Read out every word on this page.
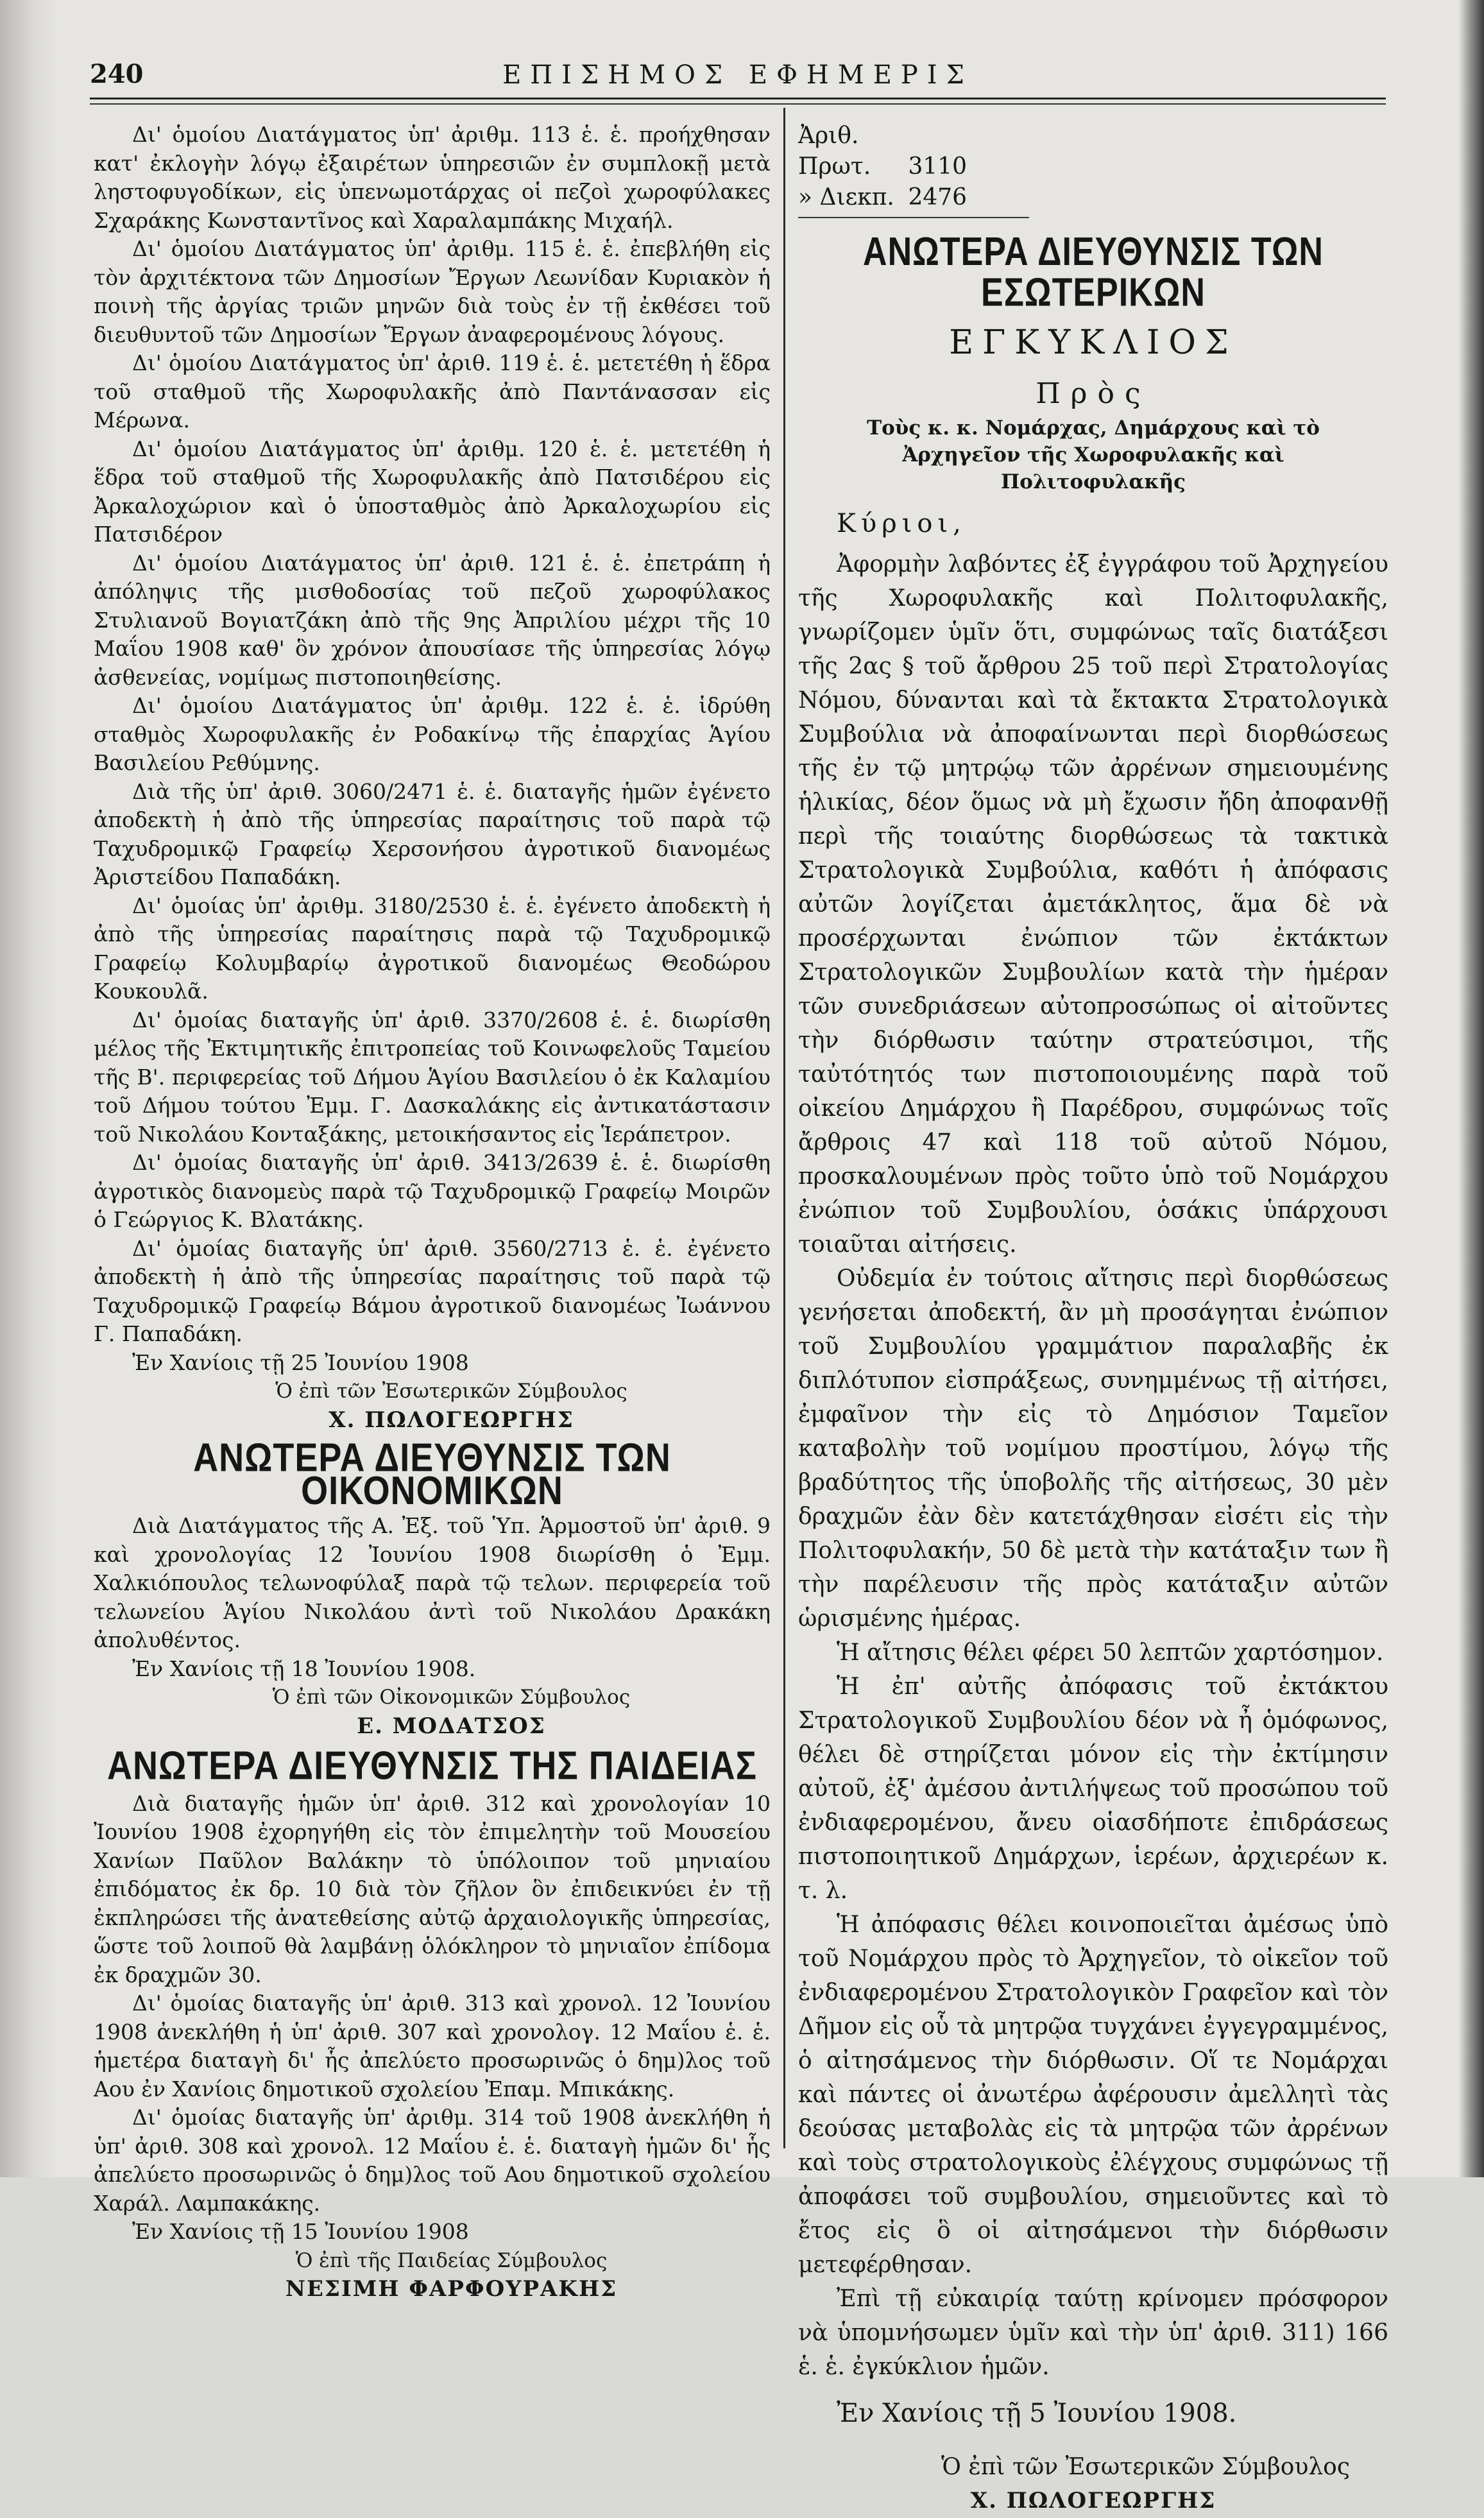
240	ΕΠΙΣΗΜΟΣ ΕΦΗΜΕΡΙΣ

Δι' ὁμοίου Διατάγματος ὑπ' ἀριθμ. 113 ἑ. ἑ. προήχθησαν κατ' ἐκλογὴν λόγῳ ἐξαιρέτων ὑπηρεσιῶν ἐν συμπλοκῇ μετὰ ληστοφυγοδίκων, εἰς ὑπενωμοτάρχας οἱ πεζοὶ χωροφύλακες Σχαράκης Κωνσταντῖνος καὶ Χαραλαμπάκης Μιχαήλ.

Δι' ὁμοίου Διατάγματος ὑπ' ἀριθμ. 115 ἑ. ἑ. ἐπεβλήθη εἰς τὸν ἀρχιτέκτονα τῶν Δημοσίων Ἔργων Λεωνίδαν Κυριακὸν ἡ ποινὴ τῆς ἀργίας τριῶν μηνῶν διὰ τοὺς ἐν τῇ ἐκθέσει τοῦ διευθυντοῦ τῶν Δημοσίων Ἔργων ἀναφερομένους λόγους.

Δι' ὁμοίου Διατάγματος ὑπ' ἀριθ. 119 ἑ. ἑ. μετετέθη ἡ ἕδρα τοῦ σταθμοῦ τῆς Χωροφυλακῆς ἀπὸ Παντάνασσαν εἰς Μέρωνα.

Δι' ὁμοίου Διατάγματος ὑπ' ἀριθμ. 120 ἑ. ἑ. μετετέθη ἡ ἕδρα τοῦ σταθμοῦ τῆς Χωροφυλακῆς ἀπὸ Πατσιδέρου εἰς Ἀρκαλοχώριον καὶ ὁ ὑποσταθμὸς ἀπὸ Ἀρκαλοχωρίου εἰς Πατσιδέρον

Δι' ὁμοίου Διατάγματος ὑπ' ἀριθ. 121 ἑ. ἑ. ἐπετράπη ἡ ἀπόληψις τῆς μισθοδοσίας τοῦ πεζοῦ χωροφύλακος Στυλιανοῦ Βογιατζάκη ἀπὸ τῆς 9ης Ἀπριλίου μέχρι τῆς 10 Μαΐου 1908 καθ' ὃν χρόνον ἀπουσίασε τῆς ὑπηρεσίας λόγῳ ἀσθενείας, νομίμως πιστοποιηθείσης.

Δι' ὁμοίου Διατάγματος ὑπ' ἀριθμ. 122 ἑ. ἑ. ἱδρύθη σταθμὸς Χωροφυλακῆς ἐν Ροδακίνῳ τῆς ἐπαρχίας Ἁγίου Βασιλείου Ρεθύμνης.

Διὰ τῆς ὑπ' ἀριθ. 3060/2471 ἑ. ἑ. διαταγῆς ἡμῶν ἐγένετο ἀποδεκτὴ ἡ ἀπὸ τῆς ὑπηρεσίας παραίτησις τοῦ παρὰ τῷ Ταχυδρομικῷ Γραφείῳ Χερσονήσου ἀγροτικοῦ διανομέως Ἀριστείδου Παπαδάκη.

Δι' ὁμοίας ὑπ' ἀριθμ. 3180/2530 ἑ. ἑ. ἐγένετο ἀποδεκτὴ ἡ ἀπὸ τῆς ὑπηρεσίας παραίτησις παρὰ τῷ Ταχυδρομικῷ Γραφείῳ Κολυμβαρίῳ ἀγροτικοῦ διανομέως Θεοδώρου Κουκουλᾶ.

Δι' ὁμοίας διαταγῆς ὑπ' ἀριθ. 3370/2608 ἑ. ἑ. διωρίσθη μέλος τῆς Ἐκτιμητικῆς ἐπιτροπείας τοῦ Κοινωφελοῦς Ταμείου τῆς Β'. περιφερείας τοῦ Δήμου Ἁγίου Βασιλείου ὁ ἐκ Καλαμίου τοῦ Δήμου τούτου Ἐμμ. Γ. Δασκαλάκης εἰς ἀντικατάστασιν τοῦ Νικολάου Κονταξάκης, μετοικήσαντος εἰς Ἱεράπετρον.

Δι' ὁμοίας διαταγῆς ὑπ' ἀριθ. 3413/2639 ἑ. ἑ. διωρίσθη ἀγροτικὸς διανομεὺς παρὰ τῷ Ταχυδρομικῷ Γραφείῳ Μοιρῶν ὁ Γεώργιος Κ. Βλατάκης.

Δι' ὁμοίας διαταγῆς ὑπ' ἀριθ. 3560/2713 ἑ. ἑ. ἐγένετο ἀποδεκτὴ ἡ ἀπὸ τῆς ὑπηρεσίας παραίτησις τοῦ παρὰ τῷ Ταχυδρομικῷ Γραφείῳ Βάμου ἀγροτικοῦ διανομέως Ἰωάννου Γ. Παπαδάκη.

Ἐν Χανίοις τῇ 25 Ἰουνίου 1908

Ὁ ἐπὶ τῶν Ἐσωτερικῶν Σύμβουλος

Χ. ΠΩΛΟΓΕΩΡΓΗΣ

ΑΝΩΤΕΡΑ ΔΙΕΥΘΥΝΣΙΣ ΤΩΝ ΟΙΚΟΝΟΜΙΚΩΝ

Διὰ Διατάγματος τῆς Α. Ἐξ. τοῦ Ὑπ. Ἁρμοστοῦ ὑπ' ἀριθ. 9 καὶ χρονολογίας 12 Ἰουνίου 1908 διωρίσθη ὁ Ἐμμ. Χαλκιόπουλος τελωνοφύλαξ παρὰ τῷ τελων. περιφερεία τοῦ τελωνείου Ἁγίου Νικολάου ἀντὶ τοῦ Νικολάου Δρακάκη ἀπολυθέντος.

Ἐν Χανίοις τῇ 18 Ἰουνίου 1908.

Ὁ ἐπὶ τῶν Οἰκονομικῶν Σύμβουλος

Ε. ΜΟΔΑΤΣΟΣ

ΑΝΩΤΕΡΑ ΔΙΕΥΘΥΝΣΙΣ ΤΗΣ ΠΑΙΔΕΙΑΣ

Διὰ διαταγῆς ἡμῶν ὑπ' ἀριθ. 312 καὶ χρονολογίαν 10 Ἰουνίου 1908 ἐχορηγήθη εἰς τὸν ἐπιμελητὴν τοῦ Μουσείου Χανίων Παῦλον Βαλάκην τὸ ὑπόλοιπον τοῦ μηνιαίου ἐπιδόματος ἐκ δρ. 10 διὰ τὸν ζῆλον ὃν ἐπιδεικνύει ἐν τῇ ἐκπληρώσει τῆς ἀνατεθείσης αὐτῷ ἀρχαιολογικῆς ὑπηρεσίας, ὥστε τοῦ λοιποῦ θὰ λαμβάνῃ ὁλόκληρον τὸ μηνιαῖον ἐπίδομα ἐκ δραχμῶν 30.

Δι' ὁμοίας διαταγῆς ὑπ' ἀριθ. 313 καὶ χρονολ. 12 Ἰουνίου 1908 ἀνεκλήθη ἡ ὑπ' ἀριθ. 307 καὶ χρονολογ. 12 Μαΐου ἑ. ἑ. ἡμετέρα διαταγὴ δι' ἧς ἀπελύετο προσωρινῶς ὁ δημ)λος τοῦ Αου ἐν Χανίοις δημοτικοῦ σχολείου Ἐπαμ. Μπικάκης.

Δι' ὁμοίας διαταγῆς ὑπ' ἀριθμ. 314 τοῦ 1908 ἀνεκλήθη ἡ ὑπ' ἀριθ. 308 καὶ χρονολ. 12 Μαΐου ἑ. ἑ. διαταγὴ ἡμῶν δι' ἧς ἀπελύετο προσωρινῶς ὁ δημ)λος τοῦ Αου δημοτικοῦ σχολείου Χαράλ. Λαμπακάκης.

Ἐν Χανίοις τῇ 15 Ἰουνίου 1908

Ὁ ἐπὶ τῆς Παιδείας Σύμβουλος

ΝΕΣΙΜΗ ΦΑΡΦΟΥΡΑΚΗΣ

Ἀριθ. Πρωτ. 3110
» Διεκπ. 2476
ΑΝΩΤΕΡΑ ΔΙΕΥΘΥΝΣΙΣ ΤΩΝ ΕΣΩΤΕΡΙΚΩΝ
ΕΓΚΥΚΛΙΟΣ
Πρὸς
Τοὺς κ. κ. Νομάρχας, Δημάρχους καὶ τὸ Ἀρχηγεῖον τῆς Χωροφυλακῆς καὶ Πολιτοφυλακῆς
Κύριοι,

Ἀφορμὴν λαβόντες ἐξ ἐγγράφου τοῦ Ἀρχηγείου τῆς Χωροφυλακῆς καὶ Πολιτοφυλακῆς, γνωρίζομεν ὑμῖν ὅτι, συμφώνως ταῖς διατάξεσι τῆς 2ας § τοῦ ἄρθρου 25 τοῦ περὶ Στρατολογίας Νόμου, δύνανται καὶ τὰ ἔκτακτα Στρατολογικὰ Συμβούλια νὰ ἀποφαίνωνται περὶ διορθώσεως τῆς ἐν τῷ μητρῴῳ τῶν ἀρρένων σημειουμένης ἡλικίας, δέον ὅμως νὰ μὴ ἔχωσιν ἤδη ἀποφανθῇ περὶ τῆς τοιαύτης διορθώσεως τὰ τακτικὰ Στρατολογικὰ Συμβούλια, καθότι ἡ ἀπόφασις αὐτῶν λογίζεται ἀμετάκλητος, ἅμα δὲ νὰ προσέρχωνται ἐνώπιον τῶν ἐκτάκτων Στρατολογικῶν Συμβουλίων κατὰ τὴν ἡμέραν τῶν συνεδριάσεων αὐτοπροσώπως οἱ αἰτοῦντες τὴν διόρθωσιν ταύτην στρατεύσιμοι, τῆς ταὐτότητός των πιστοποιουμένης παρὰ τοῦ οἰκείου Δημάρχου ἢ Παρέδρου, συμφώνως τοῖς ἄρθροις 47 καὶ 118 τοῦ αὐτοῦ Νόμου, προσκαλουμένων πρὸς τοῦτο ὑπὸ τοῦ Νομάρχου ἐνώπιον τοῦ Συμβουλίου, ὁσάκις ὑπάρχουσι τοιαῦται αἰτήσεις.

Οὐδεμία ἐν τούτοις αἴτησις περὶ διορθώσεως γενήσεται ἀποδεκτή, ἂν μὴ προσάγηται ἐνώπιον τοῦ Συμβουλίου γραμμάτιον παραλαβῆς ἐκ διπλότυπον εἰσπράξεως, συνημμένως τῇ αἰτήσει, ἐμφαῖνον τὴν εἰς τὸ Δημόσιον Ταμεῖον καταβολὴν τοῦ νομίμου προστίμου, λόγῳ τῆς βραδύτητος τῆς ὑποβολῆς τῆς αἰτήσεως, 30 μὲν δραχμῶν ἐὰν δὲν κατετάχθησαν εἰσέτι εἰς τὴν Πολιτοφυλακήν, 50 δὲ μετὰ τὴν κατάταξιν των ἢ τὴν παρέλευσιν τῆς πρὸς κατάταξιν αὐτῶν ὡρισμένης ἡμέρας.

Ἡ αἴτησις θέλει φέρει 50 λεπτῶν χαρτόσημον.

Ἡ ἐπ' αὐτῆς ἀπόφασις τοῦ ἐκτάκτου Στρατολογικοῦ Συμβουλίου δέον νὰ ἦ ὁμόφωνος, θέλει δὲ στηρίζεται μόνον εἰς τὴν ἐκτίμησιν αὐτοῦ, ἐξ' ἀμέσου ἀντιλήψεως τοῦ προσώπου τοῦ ἐνδιαφερομένου, ἄνευ οἱασδήποτε ἐπιδράσεως πιστοποιητικοῦ Δημάρχων, ἱερέων, ἀρχιερέων κ. τ. λ.

Ἡ ἀπόφασις θέλει κοινοποιεῖται ἀμέσως ὑπὸ τοῦ Νομάρχου πρὸς τὸ Ἀρχηγεῖον, τὸ οἰκεῖον τοῦ ἐνδιαφερομένου Στρατολογικὸν Γραφεῖον καὶ τὸν Δῆμον εἰς οὗ τὰ μητρῷα τυγχάνει ἐγγεγραμμένος, ὁ αἰτησάμενος τὴν διόρθωσιν. Οἵ τε Νομάρχαι καὶ πάντες οἱ ἀνωτέρω ἀφέρουσιν ἀμελλητὶ τὰς δεούσας μεταβολὰς εἰς τὰ μητρῷα τῶν ἀρρένων καὶ τοὺς στρατολογικοὺς ἐλέγχους συμφώνως τῇ ἀποφάσει τοῦ συμβουλίου, σημειοῦντες καὶ τὸ ἔτος εἰς ὃ οἱ αἰτησάμενοι τὴν διόρθωσιν μετεφέρθησαν.

Ἐπὶ τῇ εὐκαιρίᾳ ταύτῃ κρίνομεν πρόσφορον νὰ ὑπομνήσωμεν ὑμῖν καὶ τὴν ὑπ' ἀριθ. 311) 166 ἑ. ἑ. ἐγκύκλιον ἡμῶν.

Ἐν Χανίοις τῇ 5 Ἰουνίου 1908.

Ὁ ἐπὶ τῶν Ἐσωτερικῶν Σύμβουλος

Χ. ΠΩΛΟΓΕΩΡΓΗΣ
